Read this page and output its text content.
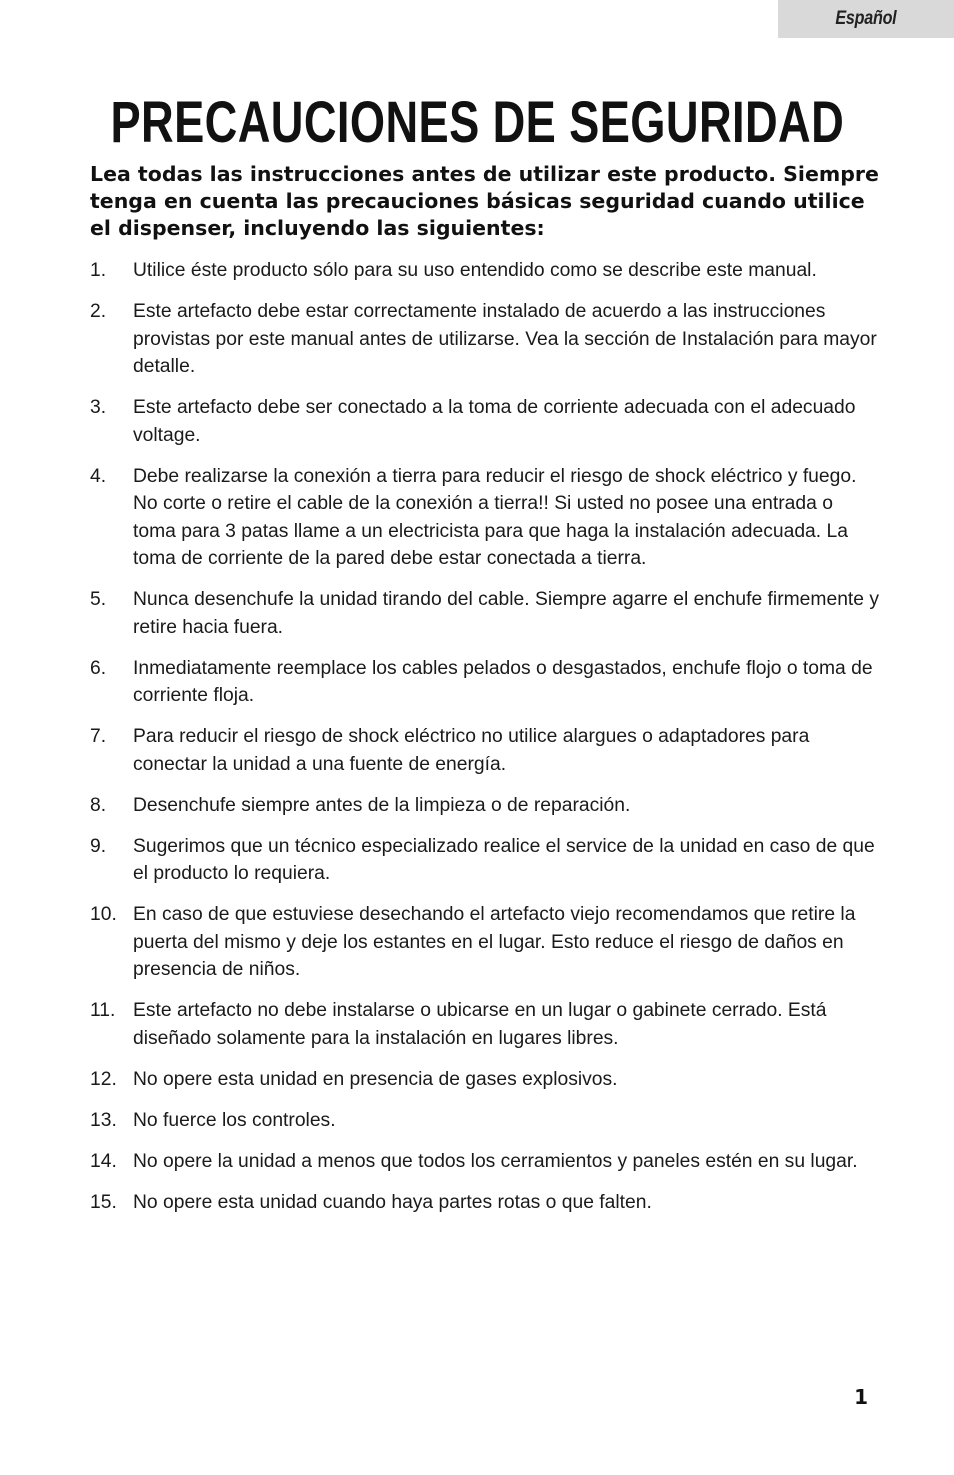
Español
PRECAUCIONES DE SEGURIDAD

Lea todas las instrucciones antes de utilizar este producto. Siempre tenga en cuenta las precauciones básicas seguridad cuando utilice el dispenser, incluyendo las siguientes:

1.	Utilice éste producto sólo para su uso entendido como se describe este manual.
2.	Este artefacto debe estar correctamente instalado de acuerdo a las instrucciones provistas por este manual antes de utilizarse. Vea la sección de Instalación para mayor detalle.
3.	Este artefacto debe ser conectado a la toma de corriente adecuada con el adecuado voltage.
4.	Debe realizarse la conexión a tierra para reducir el riesgo de shock eléctrico y fuego. No corte o retire el cable de la conexión a tierra!! Si usted no posee una entrada o toma para 3 patas llame a un electricista para que haga la instalación adecuada. La toma de corriente de la pared debe estar conectada a tierra.
5.	Nunca desenchufe la unidad tirando del cable. Siempre agarre el enchufe firmemente y retire hacia fuera.
6.	Inmediatamente reemplace los cables pelados o desgastados, enchufe flojo o toma de corriente floja.
7.	Para reducir el riesgo de shock eléctrico no utilice alargues o adaptadores para conectar la unidad a una fuente de energía.
8.	Desenchufe siempre antes de la limpieza o de reparación.
9.	Sugerimos que un técnico especializado realice el service de la unidad en caso de que el producto lo requiera.
10. En caso de que estuviese desechando el artefacto viejo recomendamos que retire la puerta del mismo y deje los estantes en el lugar. Esto reduce el riesgo de daños en presencia de niños.
11. Este artefacto no debe instalarse o ubicarse en un lugar o gabinete cerrado. Está diseñado solamente para la instalación en lugares libres.
12. No opere esta unidad en presencia de gases explosivos.
13. No fuerce los controles.
14. No opere la unidad a menos que todos los cerramientos y paneles estén en su lugar.
15. No opere esta unidad cuando haya partes rotas o que falten.
1
